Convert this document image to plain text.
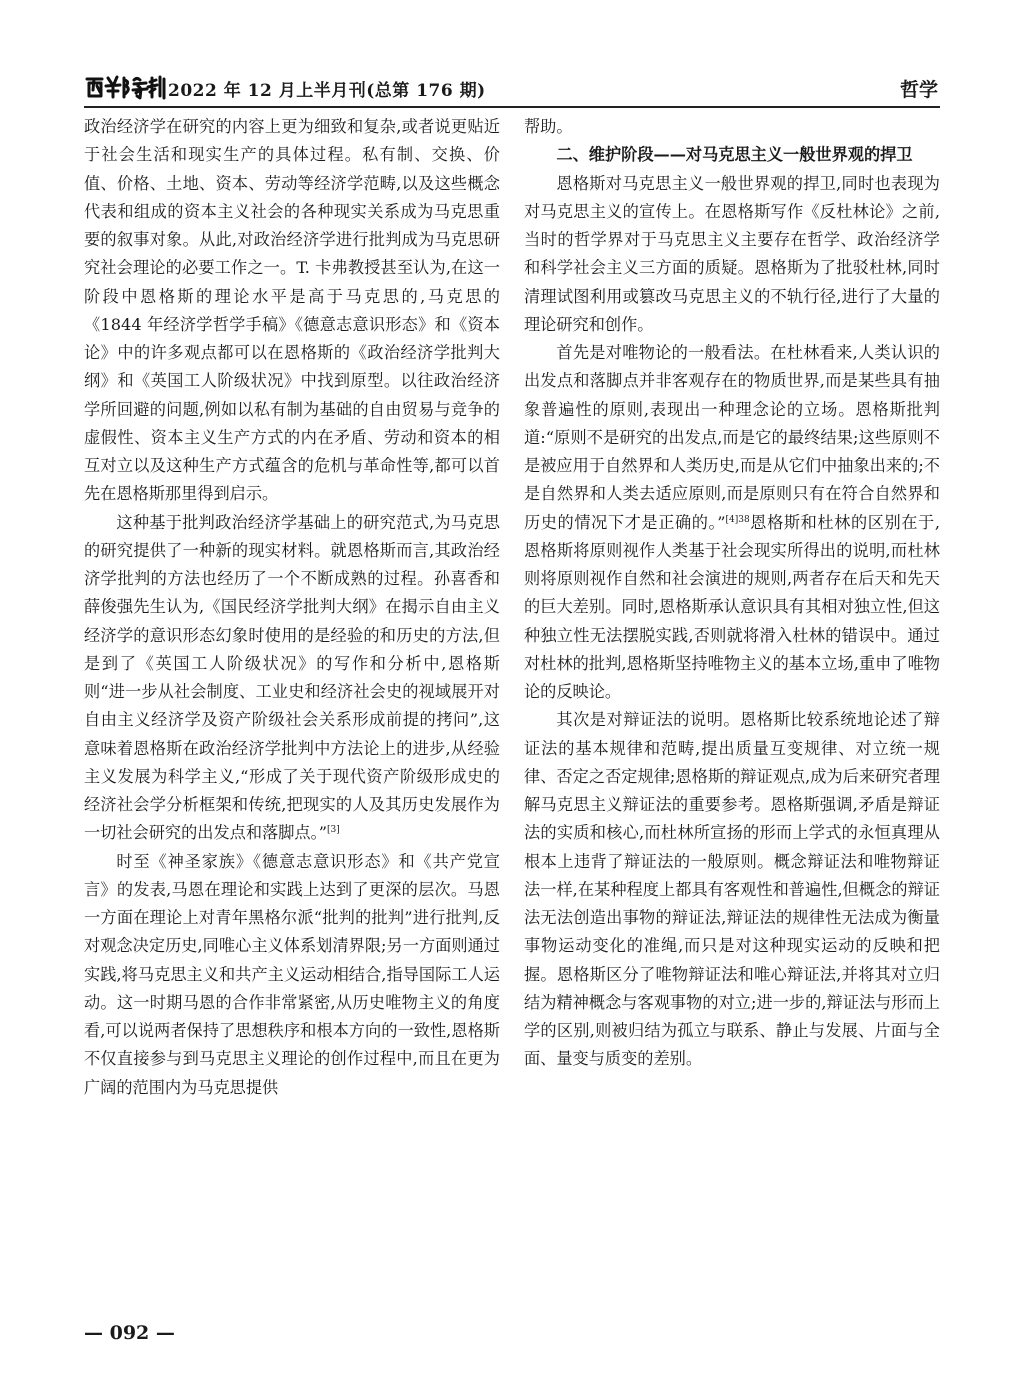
2022 年 12 月上半月刊(总第 176 期)	哲学

政治经济学在研究的内容上更为细致和复杂,或者说更贴近于社会生活和现实生产的具体过程。私有制、交换、价值、价格、土地、资本、劳动等经济学范畴,以及这些概念代表和组成的资本主义社会的各种现实关系成为马克思重要的叙事对象。从此,对政治经济学进行批判成为马克思研究社会理论的必要工作之一。T. 卡弗教授甚至认为,在这一阶段中恩格斯的理论水平是高于马克思的,马克思的《1844 年经济学哲学手稿》《德意志意识形态》和《资本论》中的许多观点都可以在恩格斯的《政治经济学批判大纲》和《英国工人阶级状况》中找到原型。以往政治经济学所回避的问题,例如以私有制为基础的自由贸易与竞争的虚假性、资本主义生产方式的内在矛盾、劳动和资本的相互对立以及这种生产方式蕴含的危机与革命性等,都可以首先在恩格斯那里得到启示。

这种基于批判政治经济学基础上的研究范式,为马克思的研究提供了一种新的现实材料。就恩格斯而言,其政治经济学批判的方法也经历了一个不断成熟的过程。孙喜香和薛俊强先生认为,《国民经济学批判大纲》在揭示自由主义经济学的意识形态幻象时使用的是经验的和历史的方法,但是到了《英国工人阶级状况》的写作和分析中,恩格斯则“进一步从社会制度、工业史和经济社会史的视域展开对自由主义经济学及资产阶级社会关系形成前提的拷问”,这意味着恩格斯在政治经济学批判中方法论上的进步,从经验主义发展为科学主义,“形成了关于现代资产阶级形成史的经济社会学分析框架和传统,把现实的人及其历史发展作为一切社会研究的出发点和落脚点。”[3]

时至《神圣家族》《德意志意识形态》和《共产党宣言》的发表,马恩在理论和实践上达到了更深的层次。马恩一方面在理论上对青年黑格尔派“批判的批判”进行批判,反对观念决定历史,同唯心主义体系划清界限;另一方面则通过实践,将马克思主义和共产主义运动相结合,指导国际工人运动。这一时期马恩的合作非常紧密,从历史唯物主义的角度看,可以说两者保持了思想秩序和根本方向的一致性,恩格斯不仅直接参与到马克思主义理论的创作过程中,而且在更为广阔的范围内为马克思提供

帮助。

二、维护阶段——对马克思主义一般世界观的捍卫

恩格斯对马克思主义一般世界观的捍卫,同时也表现为对马克思主义的宣传上。在恩格斯写作《反杜林论》之前,当时的哲学界对于马克思主义主要存在哲学、政治经济学和科学社会主义三方面的质疑。恩格斯为了批驳杜林,同时清理试图利用或篡改马克思主义的不轨行径,进行了大量的理论研究和创作。

首先是对唯物论的一般看法。在杜林看来,人类认识的出发点和落脚点并非客观存在的物质世界,而是某些具有抽象普遍性的原则,表现出一种理念论的立场。恩格斯批判道:“原则不是研究的出发点,而是它的最终结果;这些原则不是被应用于自然界和人类历史,而是从它们中抽象出来的;不是自然界和人类去适应原则,而是原则只有在符合自然界和历史的情况下才是正确的。”$^{[4]38}$恩格斯和杜林的区别在于,恩格斯将原则视作人类基于社会现实所得出的说明,而杜林则将原则视作自然和社会演进的规则,两者存在后天和先天的巨大差别。同时,恩格斯承认意识具有其相对独立性,但这种独立性无法摆脱实践,否则就将滑入杜林的错误中。通过对杜林的批判,恩格斯坚持唯物主义的基本立场,重申了唯物论的反映论。

其次是对辩证法的说明。恩格斯比较系统地论述了辩证法的基本规律和范畴,提出质量互变规律、对立统一规律、否定之否定规律;恩格斯的辩证观点,成为后来研究者理解马克思主义辩证法的重要参考。恩格斯强调,矛盾是辩证法的实质和核心,而杜林所宣扬的形而上学式的永恒真理从根本上违背了辩证法的一般原则。概念辩证法和唯物辩证法一样,在某种程度上都具有客观性和普遍性,但概念的辩证法无法创造出事物的辩证法,辩证法的规律性无法成为衡量事物运动变化的准绳,而只是对这种现实运动的反映和把握。恩格斯区分了唯物辩证法和唯心辩证法,并将其对立归结为精神概念与客观事物的对立;进一步的,辩证法与形而上学的区别,则被归结为孤立与联系、静止与发展、片面与全面、量变与质变的差别。

— 092 —
